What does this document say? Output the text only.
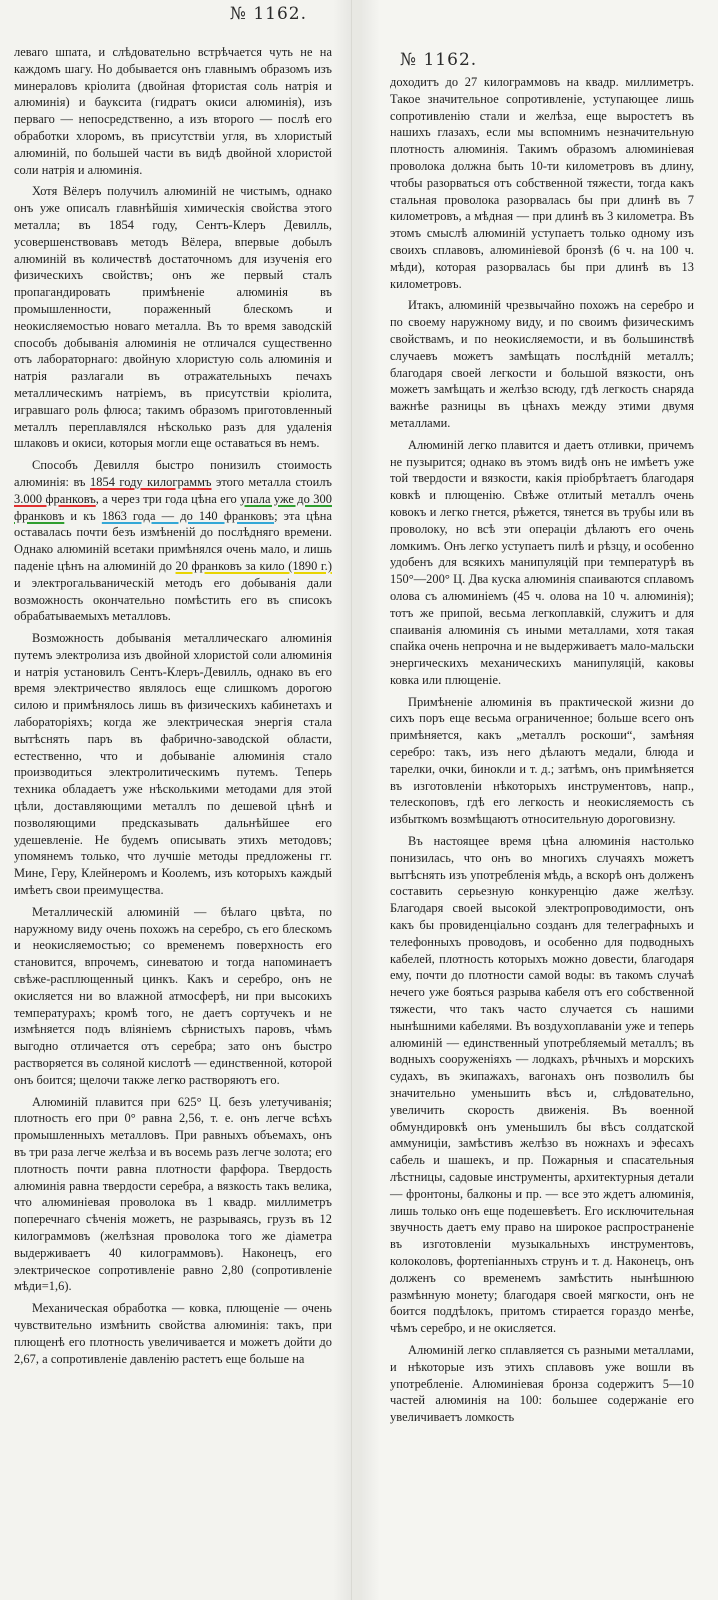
№ 1162.

леваго шпата, и слѣдовательно встрѣчается чуть не на каждомъ шагу. Но добывается онъ главнымъ образомъ изъ минераловъ кріолита (двойная фтористая соль натрія и алюминія) и баукcита (гидратъ окиси алюминія), изъ перваго — непосредственно, а изъ второго — послѣ его обработки хлоромъ, въ присутствіи угля, въ хлористый алюминій, по большей части въ видѣ двойной хлористой соли натрія и алюминія.

Хотя Вёлеръ получилъ алюминій не чистымъ, однако онъ уже описалъ главнѣйшія химическія свойства этого металла; въ 1854 году, Сентъ-Клеръ Девилль, усовершенствовавъ методъ Вёлера, впервые добылъ алюминій въ количествѣ достаточномъ для изученія его физическихъ свойствъ; онъ же первый сталъ пропагандировать примѣненіе алюминія въ промышленности, пораженный блескомъ и неокисляемостью новаго металла. Въ то время заводскій способъ добыванія алюминія не отличался существенно отъ лабораторнаго: двойную хлористую соль алюминія и натрія разлагали въ отражательныхъ печахъ металлическимъ натріемъ, въ присутствіи кріолита, игравшаго роль флюса; такимъ образомъ приготовленный металлъ переплавлялся нѣсколько разъ для удаленія шлаковъ и окиси, которыя могли еще оставаться въ немъ.

Способъ Девилля быстро понизилъ стоимость алюминія: въ 1854 году килограммъ этого металла стоилъ 3.000 франковъ, а через три года цѣна его упала уже до 300 франковъ и къ 1863 года — до 140 франковъ; эта цѣна оставалась почти безъ измѣненій до послѣдняго времени. Однако алюминій всетаки примѣнялся очень мало, и лишь паденіе цѣнъ на алюминій до 20 франковъ за кило (1890 г.) и электрогальваническій методъ его добыванія дали возможность окончательно помѣстить его въ списокъ обрабатываемыхъ металловъ.

Возможность добыванія металлическаго алюминія путемъ электролиза изъ двойной хлористой соли алюминія и натрія установилъ Сентъ-Клеръ-Девилль, однако въ его время электричество являлось еще слишкомъ дорогою силою и примѣнялось лишь въ физическихъ кабинетахъ и лабораторіяхъ; когда же электрическая энергія стала вытѣснять паръ въ фабрично-заводской области, естественно, что и добываніе алюминія стало производиться электролитическимъ путемъ. Теперь техника обладаетъ уже нѣсколькими методами для этой цѣли, доставляющими металлъ по дешевой цѣнѣ и позволяющими предсказывать дальнѣйшее его удешевленіе. Не будемъ описывать этихъ методовъ; упомянемъ только, что лучшіе методы предложены гг. Мине, Геру, Клейнеромъ и Коолемъ, изъ которыхъ каждый имѣетъ свои преимущества.

Металлическій алюминій — бѣлаго цвѣта, по наружному виду очень похожъ на серебро, съ его блескомъ и неокисляемостью; со временемъ поверхность его становится, впрочемъ, синеватою и тогда напоминаетъ свѣже-расплющенный цинкъ. Какъ и серебро, онъ не окисляется ни во влажной атмосферѣ, ни при высокихъ температурахъ; кромѣ того, не даетъ сортучекъ и не измѣняется подъ вліяніемъ сѣрнистыхъ паровъ, чѣмъ выгодно отличается отъ серебра; зато онъ быстро растворяется въ соляной кислотѣ — единственной, которой онъ боится; щелочи также легко растворяютъ его.

Алюминій плавится при 625° Ц. безъ улетучиванія; плотность его при 0° равна 2,56, т. е. онъ легче всѣхъ промышленныхъ металловъ. При равныхъ объемахъ, онъ въ три раза легче желѣза и въ восемь разъ легче золота; его плотность почти равна плотности фарфора. Твердость алюминія равна твердости серебра, а вязкость такъ велика, что алюминіевая проволока въ 1 квадр. миллиметръ поперечнаго сѣченія можетъ, не разрываясь, грузъ въ 12 килограммовъ (желѣзная проволока того же діаметра выдерживаетъ 40 килограммовъ). Наконецъ, его электрическое сопротивленіе равно 2,80 (сопротивленіе мѣди=1,6).

Механическая обработка — ковка, плющеніе — очень чувствительно измѣнить свойства алюминія: такъ, при плющенѣ его плотность увеличивается и можетъ дойти до 2,67, а сопротивленіе давленію растетъ еще больше на

№ 1162.

доходитъ до 27 килограммовъ на квадр. миллиметръ. Такое значительное сопротивленіе, уступающее лишь сопротивленію стали и желѣза, еще выростетъ въ нашихъ глазахъ, если мы вспомнимъ незначительную плотность алюминія. Такимъ образомъ алюминіевая проволока должна быть 10-ти километровъ въ длину, чтобы разорваться отъ собственной тяжести, тогда какъ стальная проволока разорвалась бы при длинѣ въ 7 километровъ, а мѣдная — при длинѣ въ 3 километра. Въ этомъ смыслѣ алюминій уступаетъ только одному изъ своихъ сплавовъ, алюминіевой бронзѣ (6 ч. на 100 ч. мѣди), которая разорвалась бы при длинѣ въ 13 километровъ.

Итакъ, алюминій чрезвычайно похожъ на серебро и по своему наружному виду, и по своимъ физическимъ свойствамъ, и по неокисляемости, и въ большинствѣ случаевъ можетъ замѣщать послѣдній металлъ; благодаря своей легкости и большой вязкости, онъ можетъ замѣщать и желѣзо всюду, гдѣ легкость снаряда важнѣе разницы въ цѣнахъ между этими двумя металлами.

Алюминій легко плавится и даетъ отливки, причемъ не пузырится; однако въ этомъ видѣ онъ не имѣетъ уже той твердости и вязкости, какія пріобрѣтаетъ благодаря ковкѣ и плющенію. Свѣже отлитый металлъ очень ковокъ и легко гнется, рѣжется, тянется въ трубы или въ проволоку, но всѣ эти операціи дѣлаютъ его очень ломкимъ. Онъ легко уступаетъ пилѣ и рѣзцу, и особенно удобенъ для всякихъ манипуляцій при температурѣ въ 150°—200° Ц. Два куска алюминія спаиваются сплавомъ олова съ алюминіемъ (45 ч. олова на 10 ч. алюминія); тотъ же припой, весьма легкоплавкій, служитъ и для спаиванія алюминія съ иными металлами, хотя такая спайка очень непрочна и не выдерживаетъ мало-мальски энергическихъ механическихъ манипуляцій, каковы ковка или плющеніе.

Примѣненіе алюминія въ практической жизни до сихъ поръ еще весьма ограниченное; больше всего онъ примѣняется, какъ „металлъ роскоши“, замѣняя серебро: такъ, изъ него дѣлаютъ медали, блюда и тарелки, очки, бинокли и т. д.; затѣмъ, онъ примѣняется въ изготовленіи нѣкоторыхъ инструментовъ, напр., телескоповъ, гдѣ его легкость и неокисляемость съ избыткомъ возмѣщаютъ относительную дороговизну.

Въ настоящее время цѣна алюминія настолько понизилась, что онъ во многихъ случаяхъ можетъ вытѣснять изъ употребленія мѣдь, а вскорѣ онъ долженъ составить серьезную конкуренцію даже желѣзу. Благодаря своей высокой электропроводимости, онъ какъ бы провиденціально созданъ для телеграфныхъ и телефонныхъ проводовъ, и особенно для подводныхъ кабелей, плотность которыхъ можно довести, благодаря ему, почти до плотности самой воды: въ такомъ случаѣ нечего уже бояться разрыва кабеля отъ его собственной тяжести, что такъ часто случается съ нашими нынѣшними кабелями. Въ воздухоплаваніи уже и теперь алюминій — единственный употребляемый металлъ; въ водныхъ сооруженіяхъ — лодкахъ, рѣчныхъ и морскихъ судахъ, въ экипажахъ, вагонахъ онъ позволилъ бы значительно уменьшить вѣсъ и, слѣдовательно, увеличить скорость движенія. Въ военной обмундировкѣ онъ уменьшилъ бы вѣсъ солдатской аммуниціи, замѣстивъ желѣзо въ ножнахъ и эфесахъ сабель и шашекъ, и пр. Пожарныя и спасательныя лѣстницы, садовые инструменты, архитектурныя детали — фронтоны, балконы и пр. — все это ждетъ алюминія, лишь только онъ еще подешевѣетъ. Его исключительная звучность даетъ ему право на широкое распространеніе въ изготовленіи музыкальныхъ инструментовъ, колоколовъ, фортепіанныхъ струнъ и т. д. Наконецъ, онъ долженъ со временемъ замѣстить нынѣшнюю размѣнную монету; благодаря своей мягкости, онъ не боится поддѣлокъ, притомъ стирается гораздо менѣе, чѣмъ серебро, и не окисляется.

Алюминій легко сплавляется съ разными металлами, и нѣкоторые изъ этихъ сплавовъ уже вошли въ употребленіе. Алюминіевая бронза содержитъ 5—10 частей алюминія на 100: большее содержаніе его увеличиваетъ ломкость
